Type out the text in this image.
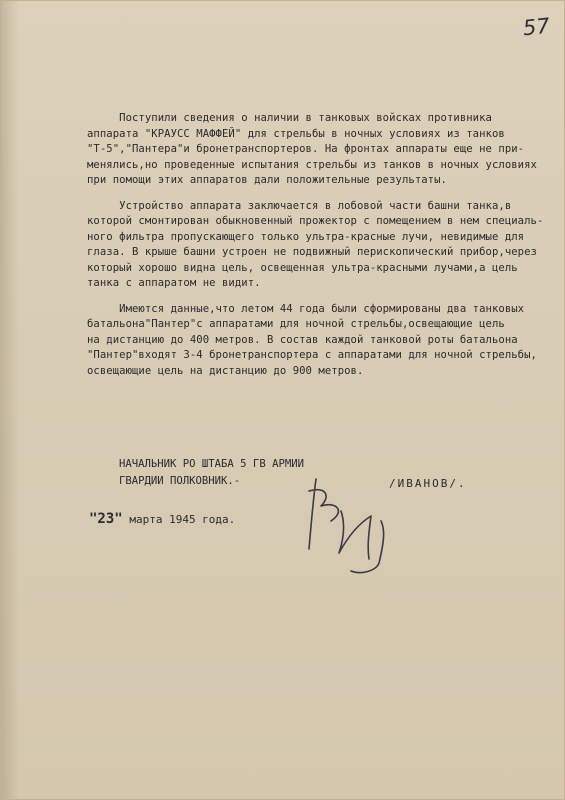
57
Поступили сведения о наличии в танковых войсках противника
аппарата "КРАУСС МАФФЕЙ" для стрельбы в ночных условиях из танков
"Т-5","Пантера"и бронетранспортеров. На фронтах аппараты еще не при-
менялись,но проведенные испытания стрельбы из танков в ночных условиях
при помощи этих аппаратов дали положительные результаты.
Устройство аппарата заключается в лобовой части башни танка,в
которой смонтирован обыкновенный прожектор с помещением в нем специаль-
ного фильтра пропускающего только ультра-красные лучи, невидимые для
глаза. В крыше башни устроен не подвижный перископический прибор,через
который хорошо видна цель, освещенная ультра-красными лучами,а цель
танка с аппаратом не видит.
Имеются данные,что летом 44 года были сформированы два танковых
батальона"Пантер"с аппаратами для ночной стрельбы,освещающие цель
на дистанцию до 400 метров. В состав каждой танковой роты батальона
"Пантер"входят 3-4 бронетранспортера с аппаратами для ночной стрельбы,
освещающие цель на дистанцию до 900 метров.
НАЧАЛЬНИК РО ШТАБА 5 ГВ АРМИИ
ГВАРДИИ ПОЛКОВНИК.-	/ИВАНОВ/.
"23" марта 1945 года.
